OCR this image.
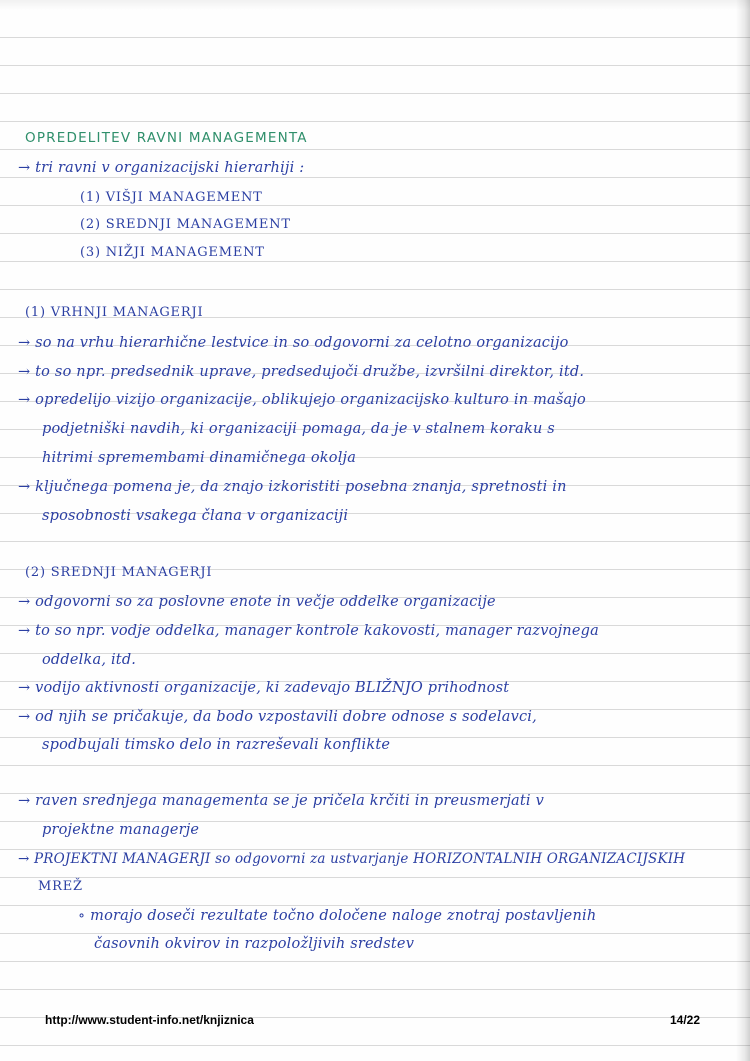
OPREDELITEV RAVNI MANAGEMENTA
→ tri ravni v organizacijski hierarhiji :
(1) VIŠJI MANAGEMENT
(2) SREDNJI MANAGEMENT
(3) NIŽJI MANAGEMENT
(1) VRHNJI MANAGERJI
→ so na vrhu hierarhične lestvice in so odgovorni za celotno organizacijo
→ to so npr. predsednik uprave, predsedujoči družbe, izvršilni direktor, itd.
→ opredelijo vizijo organizacije, oblikujejo organizacijsko kulturo in mašajo
podjetniški navdih, ki organizaciji pomaga, da je v stalnem koraku s
hitrimi spremembami dinamičnega okolja
→ ključnega pomena je, da znajo izkoristiti posebna znanja, spretnosti in
sposobnosti vsakega člana v organizaciji
(2) SREDNJI MANAGERJI
→ odgovorni so za poslovne enote in večje oddelke organizacije
→ to so npr. vodje oddelka, manager kontrole kakovosti, manager razvojnega
oddelka, itd.
→ vodijo aktivnosti organizacije, ki zadevajo BLIŽNJO prihodnost
→ od njih se pričakuje, da bodo vzpostavili dobre odnose s sodelavci,
spodbujali timsko delo in razreševali konflikte
→ raven srednjega managementa se je pričela krčiti in preusmerjati v
projektne managerje
→ PROJEKTNI MANAGERJI so odgovorni za ustvarjanje HORIZONTALNIH ORGANIZACIJSKIH
MREŽ
∘ morajo doseči rezultate točno določene naloge znotraj postavljenih
časovnih okvirov in razpoložljivih sredstev
http://www.student-info.net/knjiznica	14/22
